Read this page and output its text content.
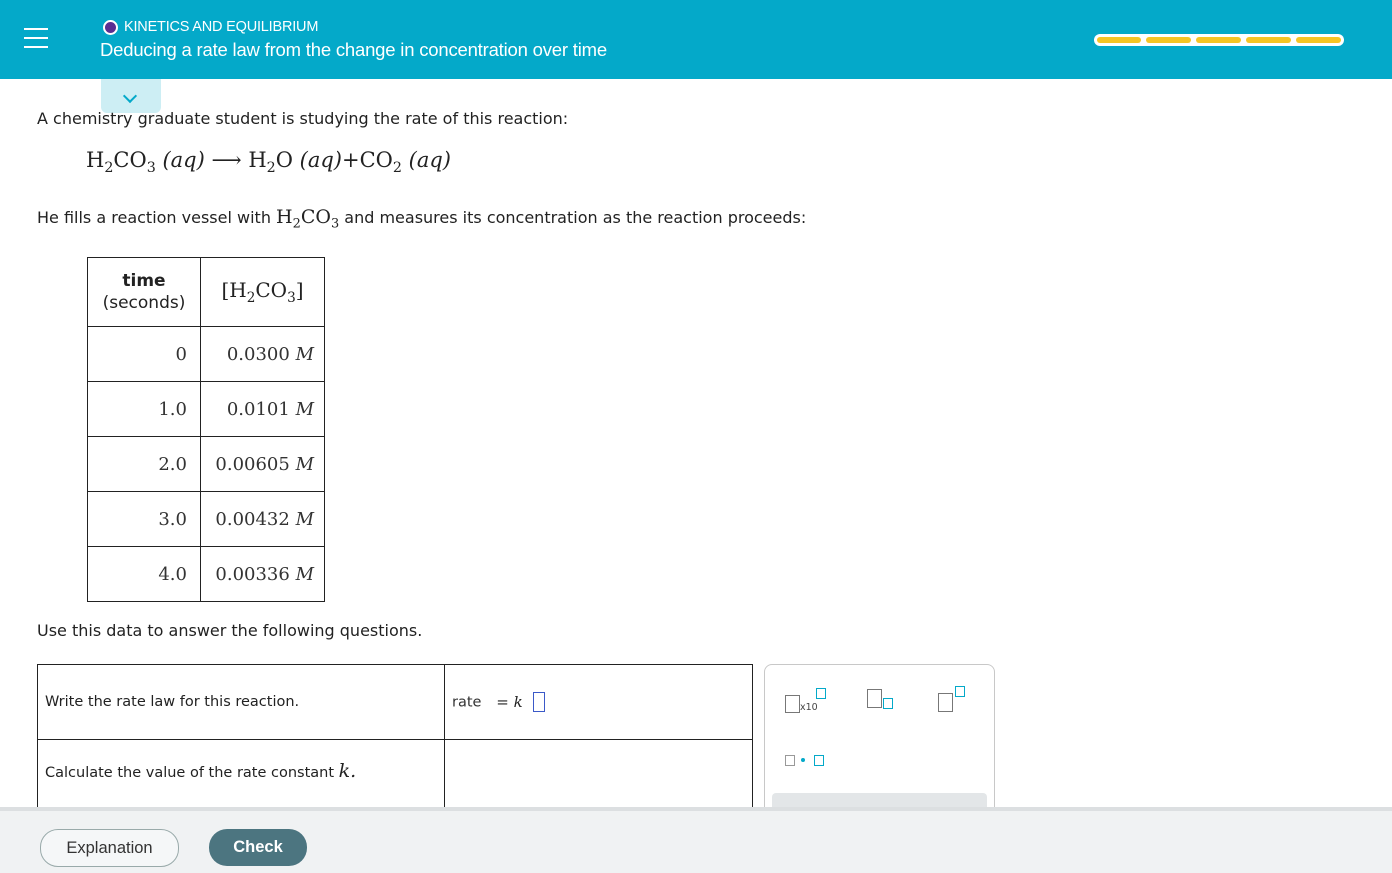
KINETICS AND EQUILIBRIUM
Deducing a rate law from the change in concentration over time
A chemistry graduate student is studying the rate of this reaction:
$H_2CO_3$ (aq) ⟶ $H_2O$ $(aq)+CO_2$ (aq)
He fills a reaction vessel with $H_2CO_3$ and measures its concentration as the reaction proceeds:
time
(seconds)	$[H_2CO_3]$
0	0.0300 M
1.0	0.0101 M
2.0	0.00605 M
3.0	0.00432 M
4.0	0.00336 M
Use this data to answer the following questions.
Write the rate law for this reaction.	rate = k
Calculate the value of the rate constant k.	
x10
Explanation	Check
